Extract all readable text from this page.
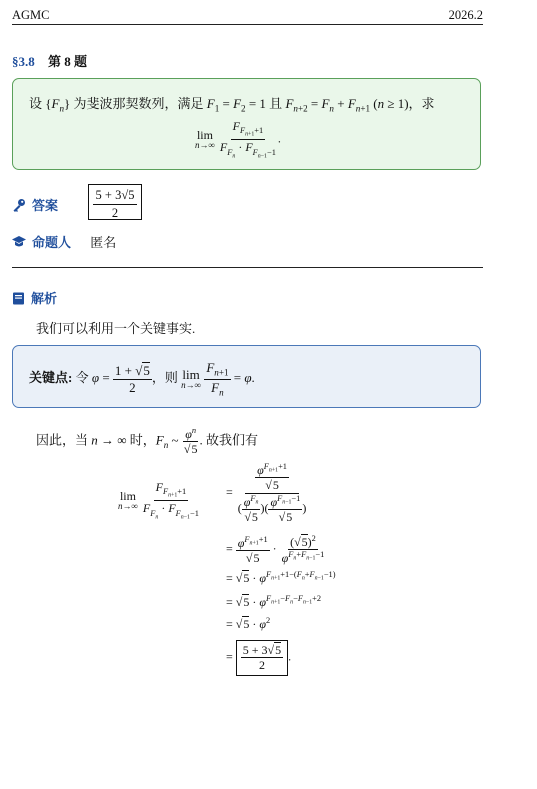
AGMC	2026.2
§3.8 第 8 题
设 $\{F_n\}$ 为斐波那契数列，满足 $F_1 = F_2 = 1$ 且 $F_{n+2} = F_n + F_{n+1}$ (n ≥ 1)，求
lim
n→∞
$\frac{F_{F_{n+1}+1}}{F_{F_n} \cdot F_{F_{n-1}-1}}$ .
答案 $\frac{5 + 3√5}{2}$
命题人 匿名
解析
我们可以利用一个关键事实.
关键点: 令 $\varphi = \frac{1 + √5}{2}$ ，则 lim
n→∞
$\frac{F_{n+1}}{F_n} = \varphi$.
因此，当 n → ∞ 时，$F_n$ ~ $\frac{\varphi^n}{√5}$ . 故我们有
lim
n→∞
$\frac{F_{F_{n+1}+1}}{F_{F_n} \cdot F_{F_{n-1}-1}} = \frac{\frac{\varphi^{F_{n+1}+1}}{√5}}{( \frac{\varphi^{F_n}}{√5} )( \frac{\varphi^{F_{n-1}-1}}{√5} )}$
= $\frac{\varphi^{F_{n+1}+1}}{√5} \cdot \frac{(√5)^2}{\varphi^{F_n+F_{n-1}-1}}$
= $√5 \cdot \varphi^{F_{n+1}+1-(F_n+F_{n-1}-1)}$
= $√5 \cdot \varphi^{F_{n+1}-F_n-F_{n-1}+2}$
= $√5 \cdot \varphi^2$
= $\frac{5 + 3√5}{2}$ .
